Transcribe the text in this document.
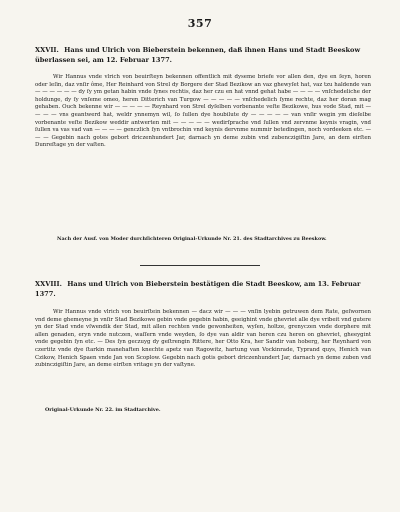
357
XXVII. Hans und Ulrich von Bieberstein bekennen, daß ihnen Hans und Stadt Beeskow überlassen sei, am 12. Februar 1377.
Wir Hannus vnde vlrich von beuirſteyn bekennen offentlich mit dyseme briefe vor allen den, dye en ſeyn, horen oder leſin, daz vnſir ôme, Her Reinhard von Strel dy Borgere der Stad Bezikow an vaz ghewyſet hat, vaz tzu haldende van — — — — — — dy ſy ym getan habin vnde ſynes rechtis, daz her czu en hat vnnd gehat habe — — — — vnſchedeliche der holdunge, dy ſy vnſeme omeo, heren Ditterich van Turgow — — — — — vnſchedelich ſyme rechte, daz her doran mag gehaben. Ouch bekenne wir — — — — — Reynhard von Strel dyſelben vorbenante veſte Bezikowe, hus vode Stad, mit — — — — vns geantwerd hat, weldr ynnemyn wil, ſo ſullen dye houbilute dy — — — — — van vnſir wegin ym dieſelbe vorbenante veſte Bezikow weddir antwerten mit — — — — — wedirſprache vnd ſullen vnd zervnme keynis vragin, vnd ſullen va vas vad van — — — — genczlich ſyn vntbrochin vnd keynis dervnme nummir betedingen, noch vordeeken etc. — — — Gegebin nach gotes gebort driczenhundert Jar, darnach yn deme zubin vnd zubenczigiſtin Jare, an dem eirſten Dunreſtage yn der vaſten.
Nach der Ausf. von Moder durchſichteren Original-Urkunde Nr. 21. des Stadtarchives zu Beeskow.
XXVIII. Hans und Ulrich von Bieberstein bestätigen die Stadt Beeskow, am 13. Februar 1377.
Wir Hannus vnde vlrich von beuirſtein bekennen — dacz wir — — — vnſin lyebin getruwen dem Rate, geſwornen vnd deme ghemeyne jn vnſir Stad Bezikowe gebin vnde gegebin habin, geeighint vnde ghevriet alle dye vribeit vnd gutere yn der Stad vnde vſwendik der Stad, mit allen rechten vnde gewonheiten, wyſen, holtze, grenyczen vnde dorphere mit allen genaden, eryn vnde nutczen, waſſern vnde weyden, ſo dye van aldir van heren czu heren on ghevriet, gheeygint vnde gegebin ſyn etc. — Des ſyn geczuyg dy geſtrengin Rittere, her Otto Kra, her Sandir van hoberg, her Reynhard von czertitz vnde dye ſtarkin manehaften knechte apetz van Ragowitz, hartung van Vockinrade, Typrand quys, Henich van Czikow, Henich Spaen vnde Jan von Scoplow. Gegebin nach gotis gebort driczenhundert Jar, darnach yn deme zuben vnd zubinczigiſtin Jare, an deme eirſten vritage yn der vaſtyne.
Original-Urkunde Nr. 22. im Stadtarchive.
